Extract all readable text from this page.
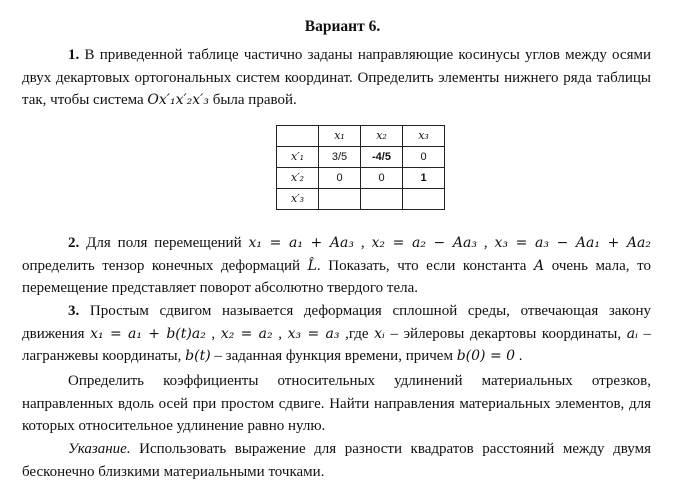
Вариант 6.

1. В приведенной таблице частично заданы направляющие косинусы углов между осями двух декартовых ортогональных систем координат. Определить элементы нижнего ряда таблицы так, чтобы система Ox′₁x′₂x′₃ была правой.

	x₁	x₂	x₃
x′₁	3/5	-4/5	0
x′₂	0	0	1
x′₃			

2. Для поля перемещений x₁ = a₁ + Aa₃ , x₂ = a₂ − Aa₃ , x₃ = a₃ − Aa₁ + Aa₂ определить тензор конечных деформаций L̂. Показать, что если константа A очень мала, то перемещение представляет поворот абсолютно твердого тела.

3. Простым сдвигом называется деформация сплошной среды, отвечающая закону движения x₁ = a₁ + b(t)a₂ , x₂ = a₂ , x₃ = a₃ ,где xᵢ – эйлеровы декартовы координаты, aᵢ – лагранжевы координаты, b(t) – заданная функция времени, причем b(0) = 0 .

Определить коэффициенты относительных удлинений материальных отрезков, направленных вдоль осей при простом сдвиге. Найти направления материальных элементов, для которых относительное удлинение равно нулю.

Указание. Использовать выражение для разности квадратов расстояний между двумя бесконечно близкими материальными точками.
